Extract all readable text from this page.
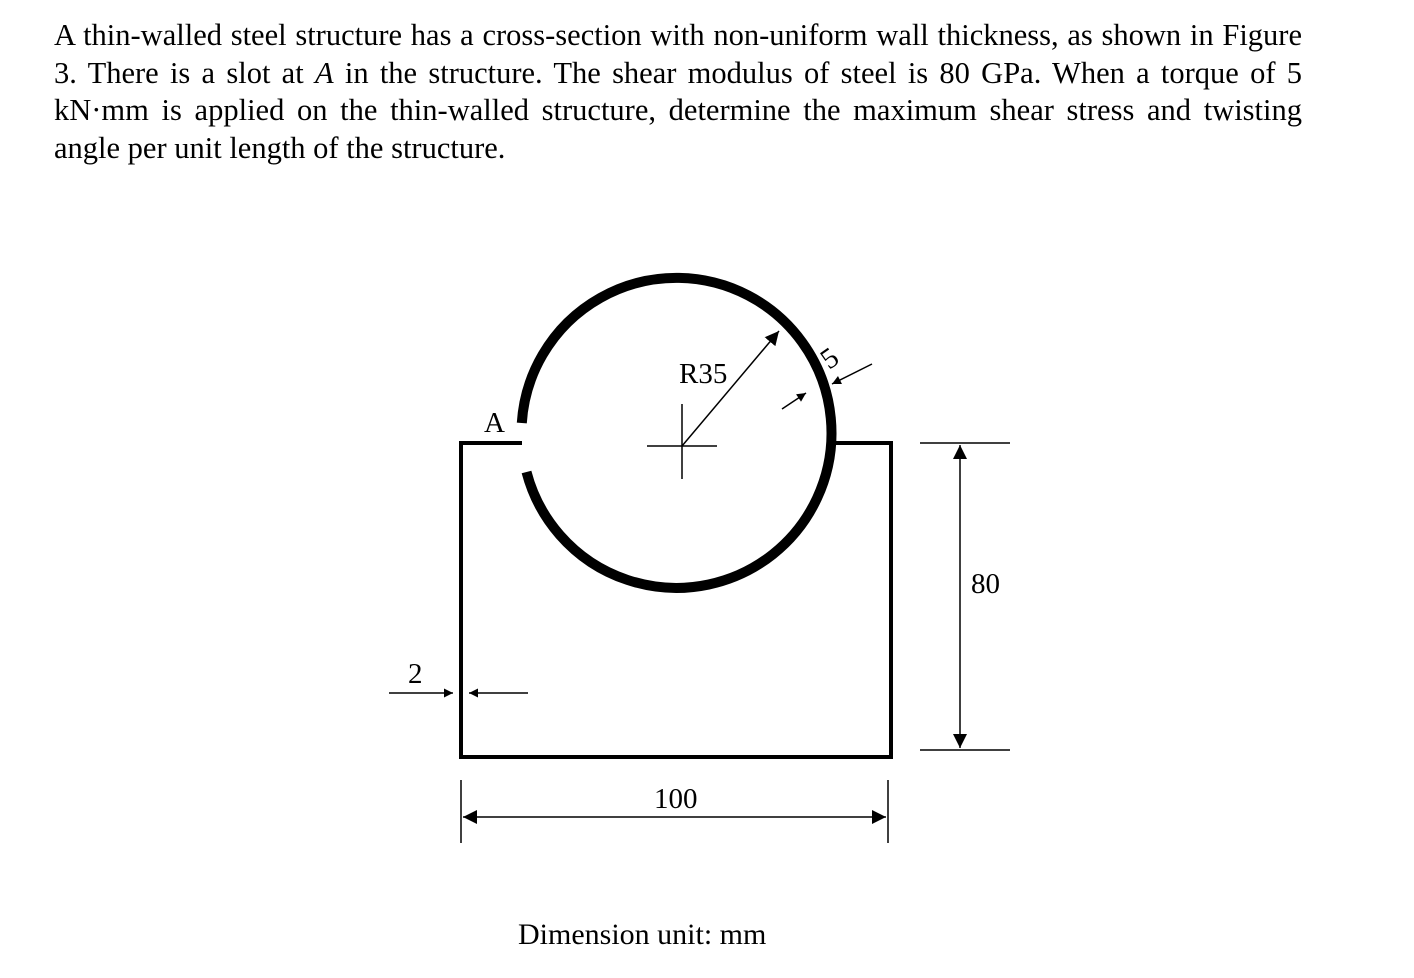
A thin-walled steel structure has a cross-section with non-uniform wall thickness, as shown in Figure 3. There is a slot at A in the structure. The shear modulus of steel is 80 GPa. When a torque of 5 kN·mm is applied on the thin-walled structure, determine the maximum shear stress and twisting angle per unit length of the structure.

R35	5
A
2
100
80

Dimension unit: mm
